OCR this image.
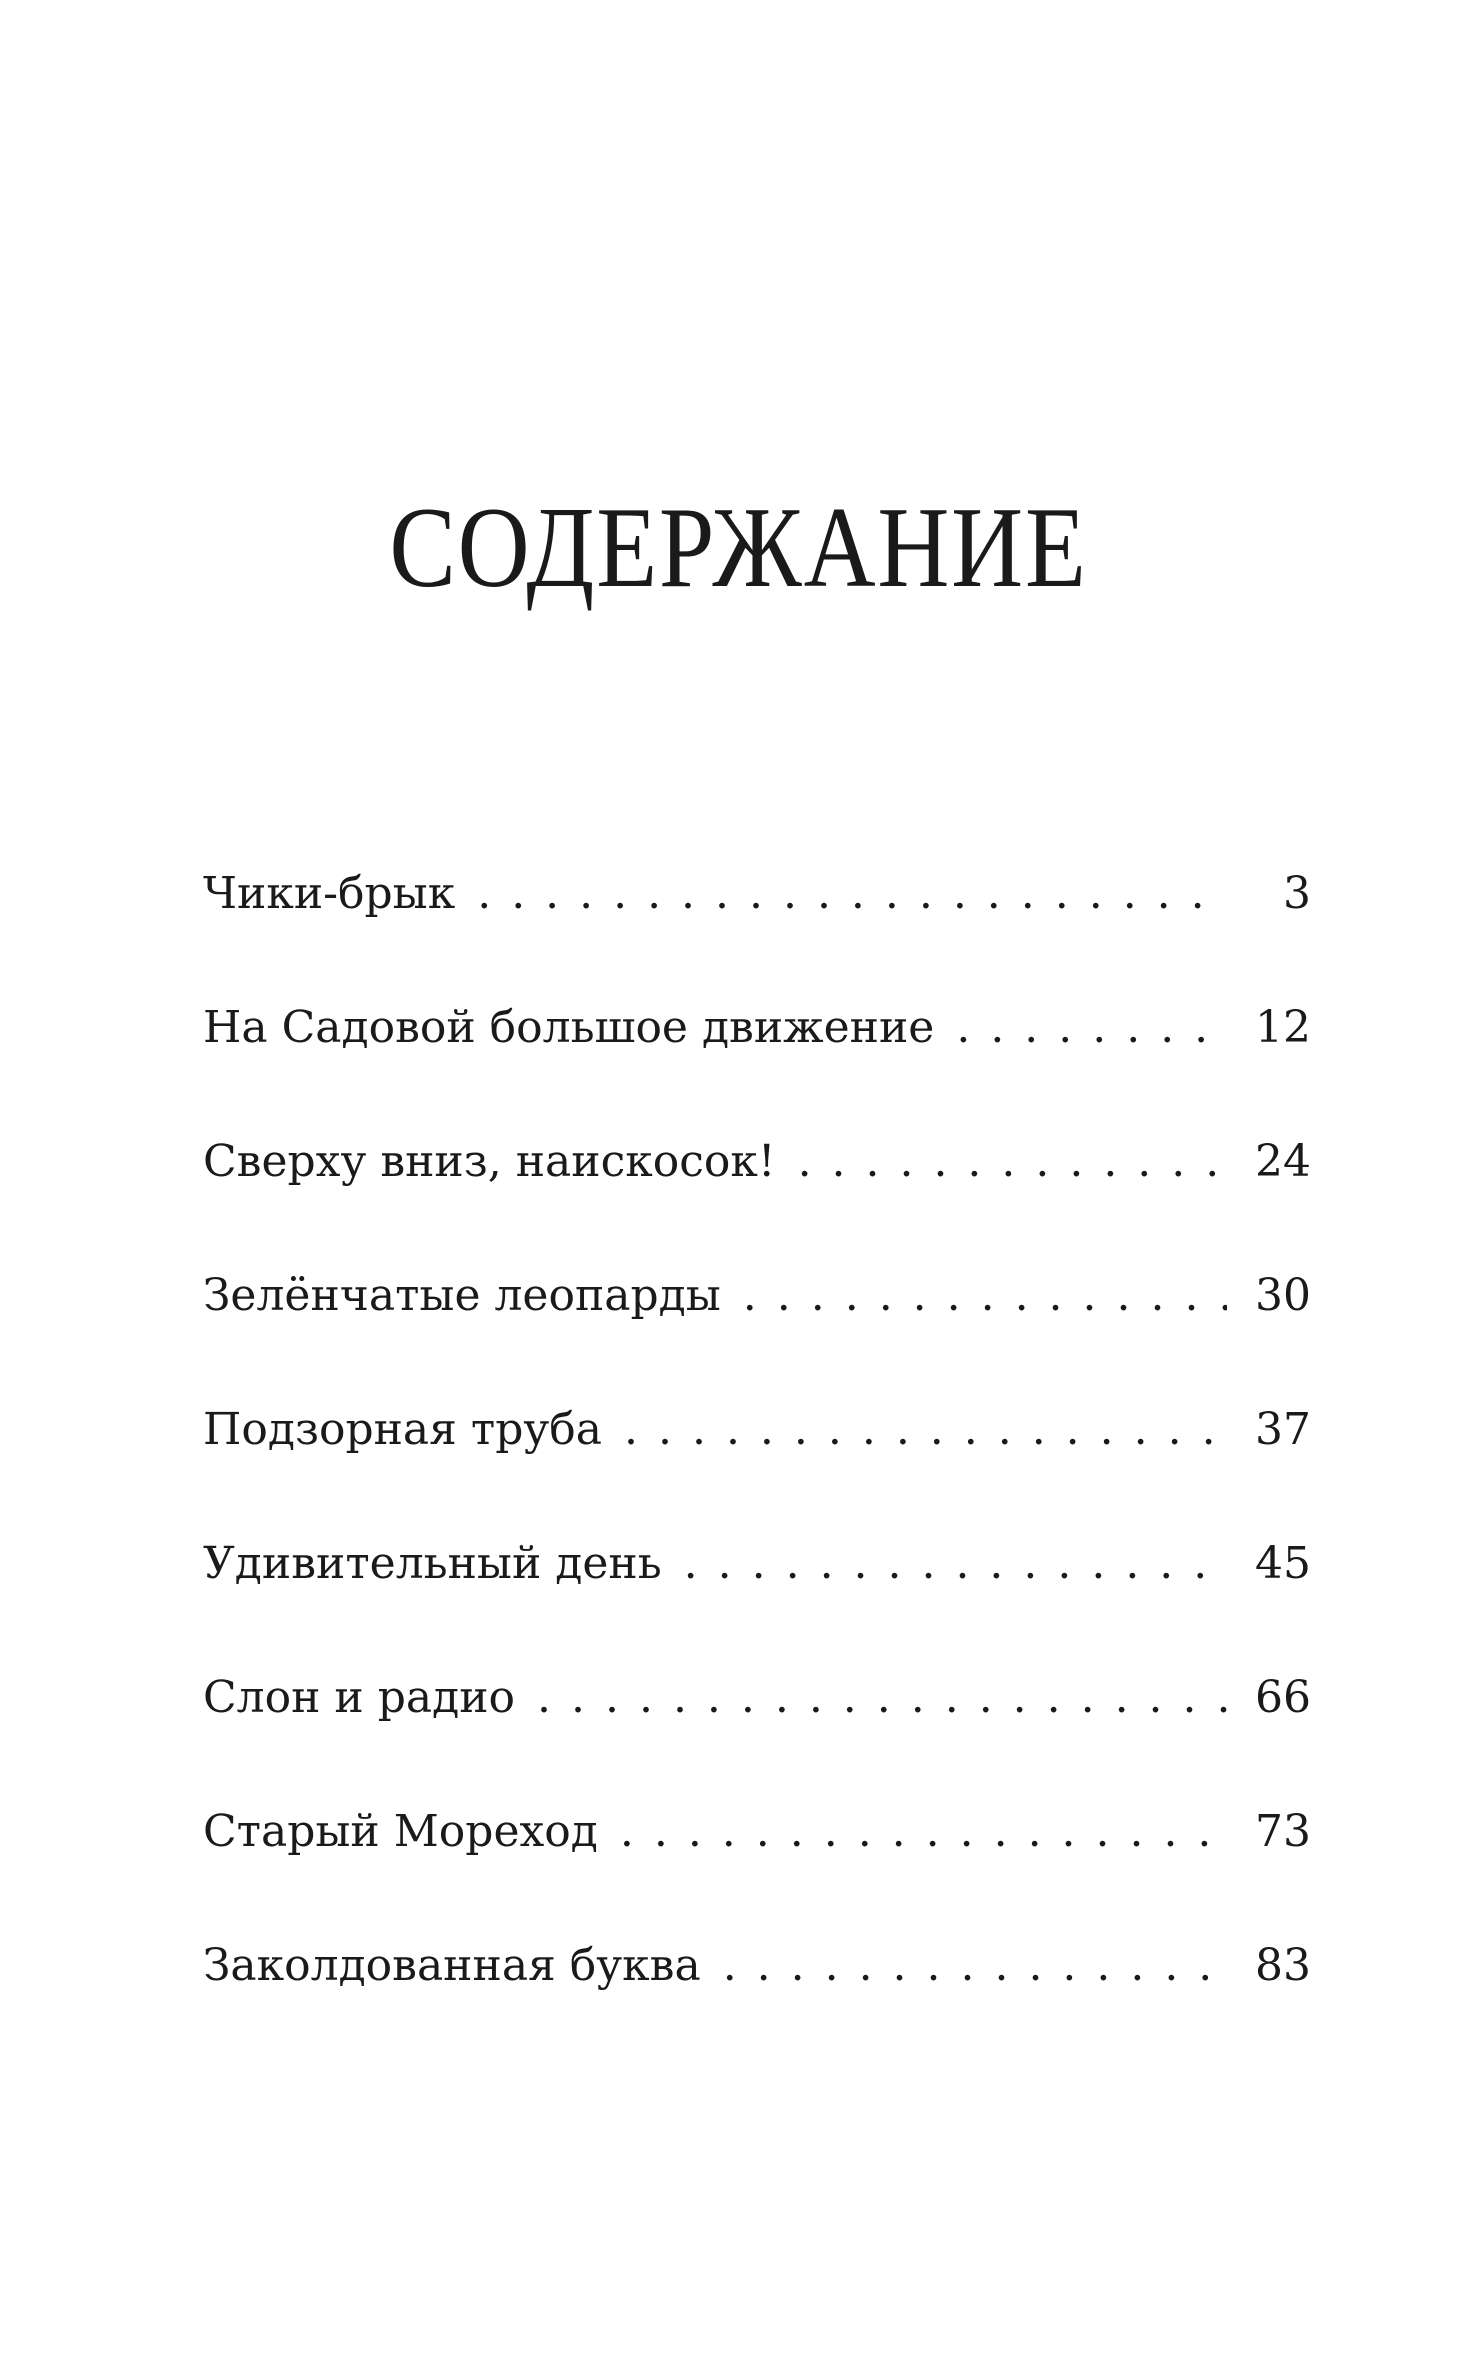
СОДЕРЖАНИЕ
Чики-брык . . .	3
На Садовой большое движение . . .	12
Сверху вниз, наискосок! . . .	24
Зелёнчатые леопарды . . .	30
Подзорная труба . . .	37
Удивительный день . . .	45
Слон и радио . . .	66
Старый Мореход . . .	73
Заколдованная буква . . .	83
